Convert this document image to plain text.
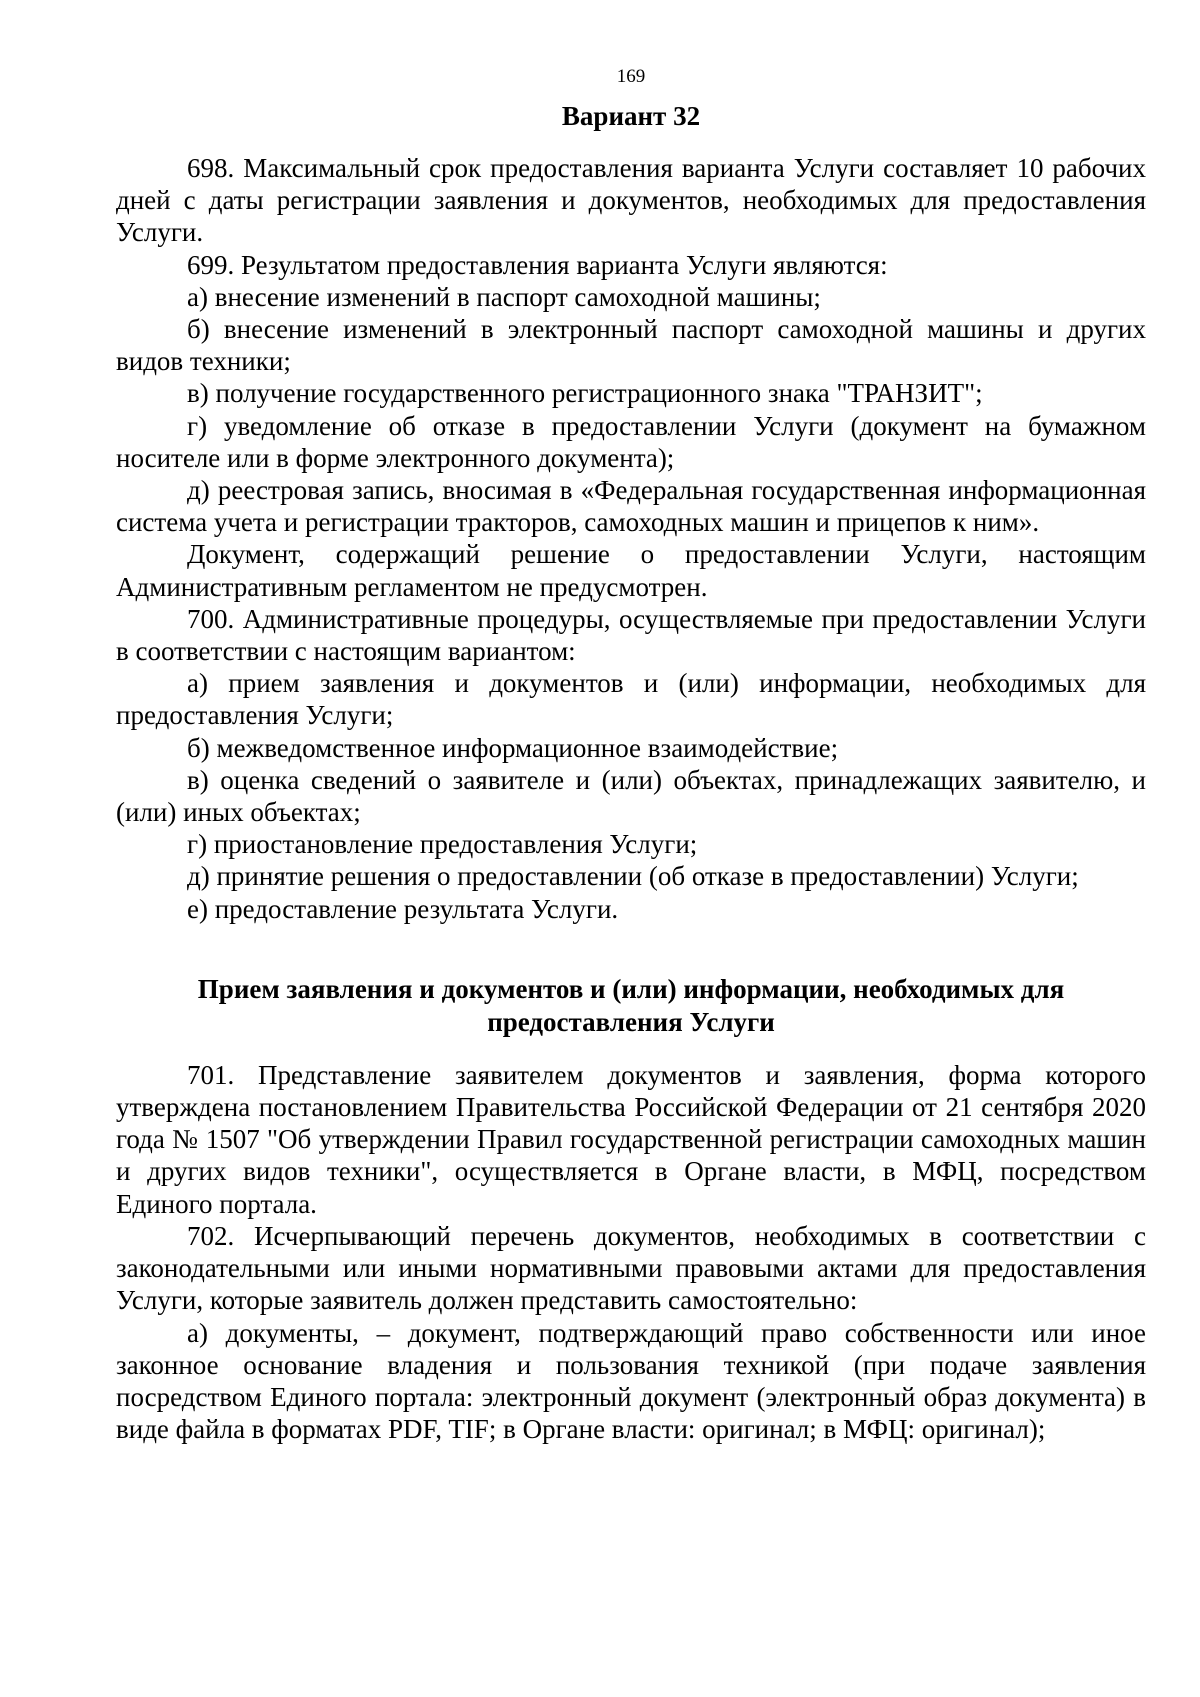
169
Вариант 32

698. Максимальный срок предоставления варианта Услуги составляет 10 рабочих дней с даты регистрации заявления и документов, необходимых для предоставления Услуги.

699. Результатом предоставления варианта Услуги являются:

а) внесение изменений в паспорт самоходной машины;

б) внесение изменений в электронный паспорт самоходной машины и других видов техники;

в) получение государственного регистрационного знака "ТРАНЗИТ";

г) уведомление об отказе в предоставлении Услуги (документ на бумажном носителе или в форме электронного документа);

д) реестровая запись, вносимая в «Федеральная государственная информационная система учета и регистрации тракторов, самоходных машин и прицепов к ним».

Документ, содержащий решение о предоставлении Услуги, настоящим Административным регламентом не предусмотрен.

700. Административные процедуры, осуществляемые при предоставлении Услуги в соответствии с настоящим вариантом:

а) прием заявления и документов и (или) информации, необходимых для предоставления Услуги;

б) межведомственное информационное взаимодействие;

в) оценка сведений о заявителе и (или) объектах, принадлежащих заявителю, и (или) иных объектах;

г) приостановление предоставления Услуги;

д) принятие решения о предоставлении (об отказе в предоставлении) Услуги;

е) предоставление результата Услуги.

Прием заявления и документов и (или) информации, необходимых для
предоставления Услуги

701. Представление заявителем документов и заявления, форма которого утверждена постановлением Правительства Российской Федерации от 21 сентября 2020 года № 1507 "Об утверждении Правил государственной регистрации самоходных машин и других видов техники", осуществляется в Органе власти, в МФЦ, посредством Единого портала.

702. Исчерпывающий перечень документов, необходимых в соответствии с законодательными или иными нормативными правовыми актами для предоставления Услуги, которые заявитель должен представить самостоятельно:

а) документы, – документ, подтверждающий право собственности или иное законное основание владения и пользования техникой (при подаче заявления посредством Единого портала: электронный документ (электронный образ документа) в виде файла в форматах PDF, TIF; в Органе власти: оригинал; в МФЦ: оригинал);
